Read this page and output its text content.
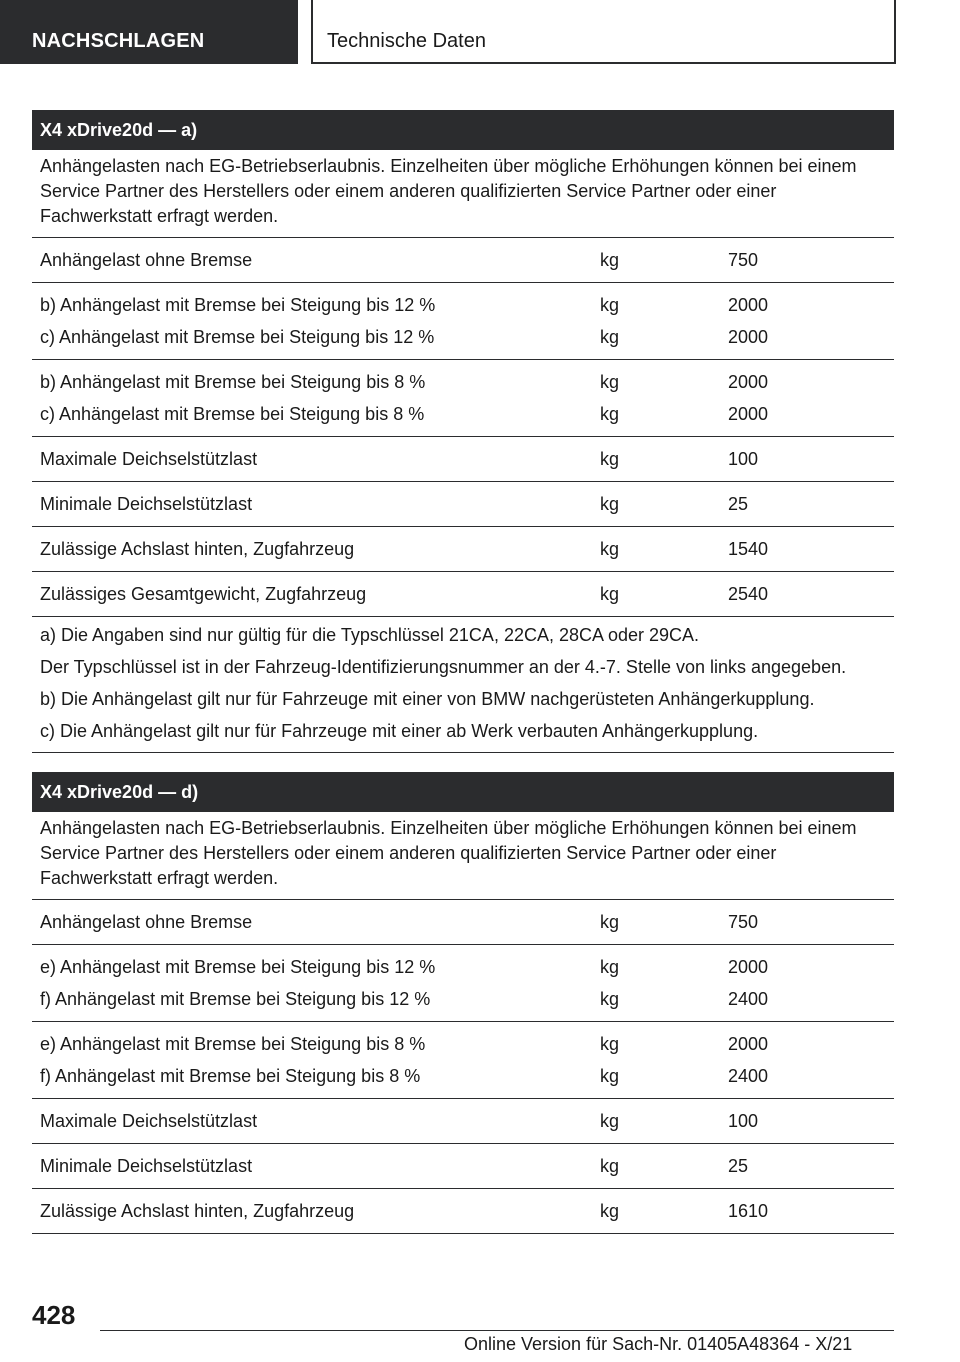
NACHSCHLAGEN	Technische Daten
X4 xDrive20d — a)
Anhängelasten nach EG-Betriebserlaubnis. Einzelheiten über mögliche Erhöhungen können bei einem Service Partner des Herstellers oder einem anderen qualifizierten Service Partner oder einer Fachwerkstatt erfragt werden.
Anhängelast ohne Bremse	kg	750
b) Anhängelast mit Bremse bei Steigung bis 12 %	kg	2000
c) Anhängelast mit Bremse bei Steigung bis 12 %	kg	2000
b) Anhängelast mit Bremse bei Steigung bis 8 %	kg	2000
c) Anhängelast mit Bremse bei Steigung bis 8 %	kg	2000
Maximale Deichselstützlast	kg	100
Minimale Deichselstützlast	kg	25
Zulässige Achslast hinten, Zugfahrzeug	kg	1540
Zulässiges Gesamtgewicht, Zugfahrzeug	kg	2540

a) Die Angaben sind nur gültig für die Typschlüssel 21CA, 22CA, 28CA oder 29CA.

Der Typschlüssel ist in der Fahrzeug-Identifizierungsnummer an der 4.-7. Stelle von links angegeben.

b) Die Anhängelast gilt nur für Fahrzeuge mit einer von BMW nachgerüsteten Anhängerkupplung.

c) Die Anhängelast gilt nur für Fahrzeuge mit einer ab Werk verbauten Anhängerkupplung.

X4 xDrive20d — d)
Anhängelasten nach EG-Betriebserlaubnis. Einzelheiten über mögliche Erhöhungen können bei einem Service Partner des Herstellers oder einem anderen qualifizierten Service Partner oder einer Fachwerkstatt erfragt werden.
Anhängelast ohne Bremse	kg	750
e) Anhängelast mit Bremse bei Steigung bis 12 %	kg	2000
f) Anhängelast mit Bremse bei Steigung bis 12 %	kg	2400
e) Anhängelast mit Bremse bei Steigung bis 8 %	kg	2000
f) Anhängelast mit Bremse bei Steigung bis 8 %	kg	2400
Maximale Deichselstützlast	kg	100
Minimale Deichselstützlast	kg	25
Zulässige Achslast hinten, Zugfahrzeug	kg	1610
428
Online Version für Sach-Nr. 01405A48364 - X/21
